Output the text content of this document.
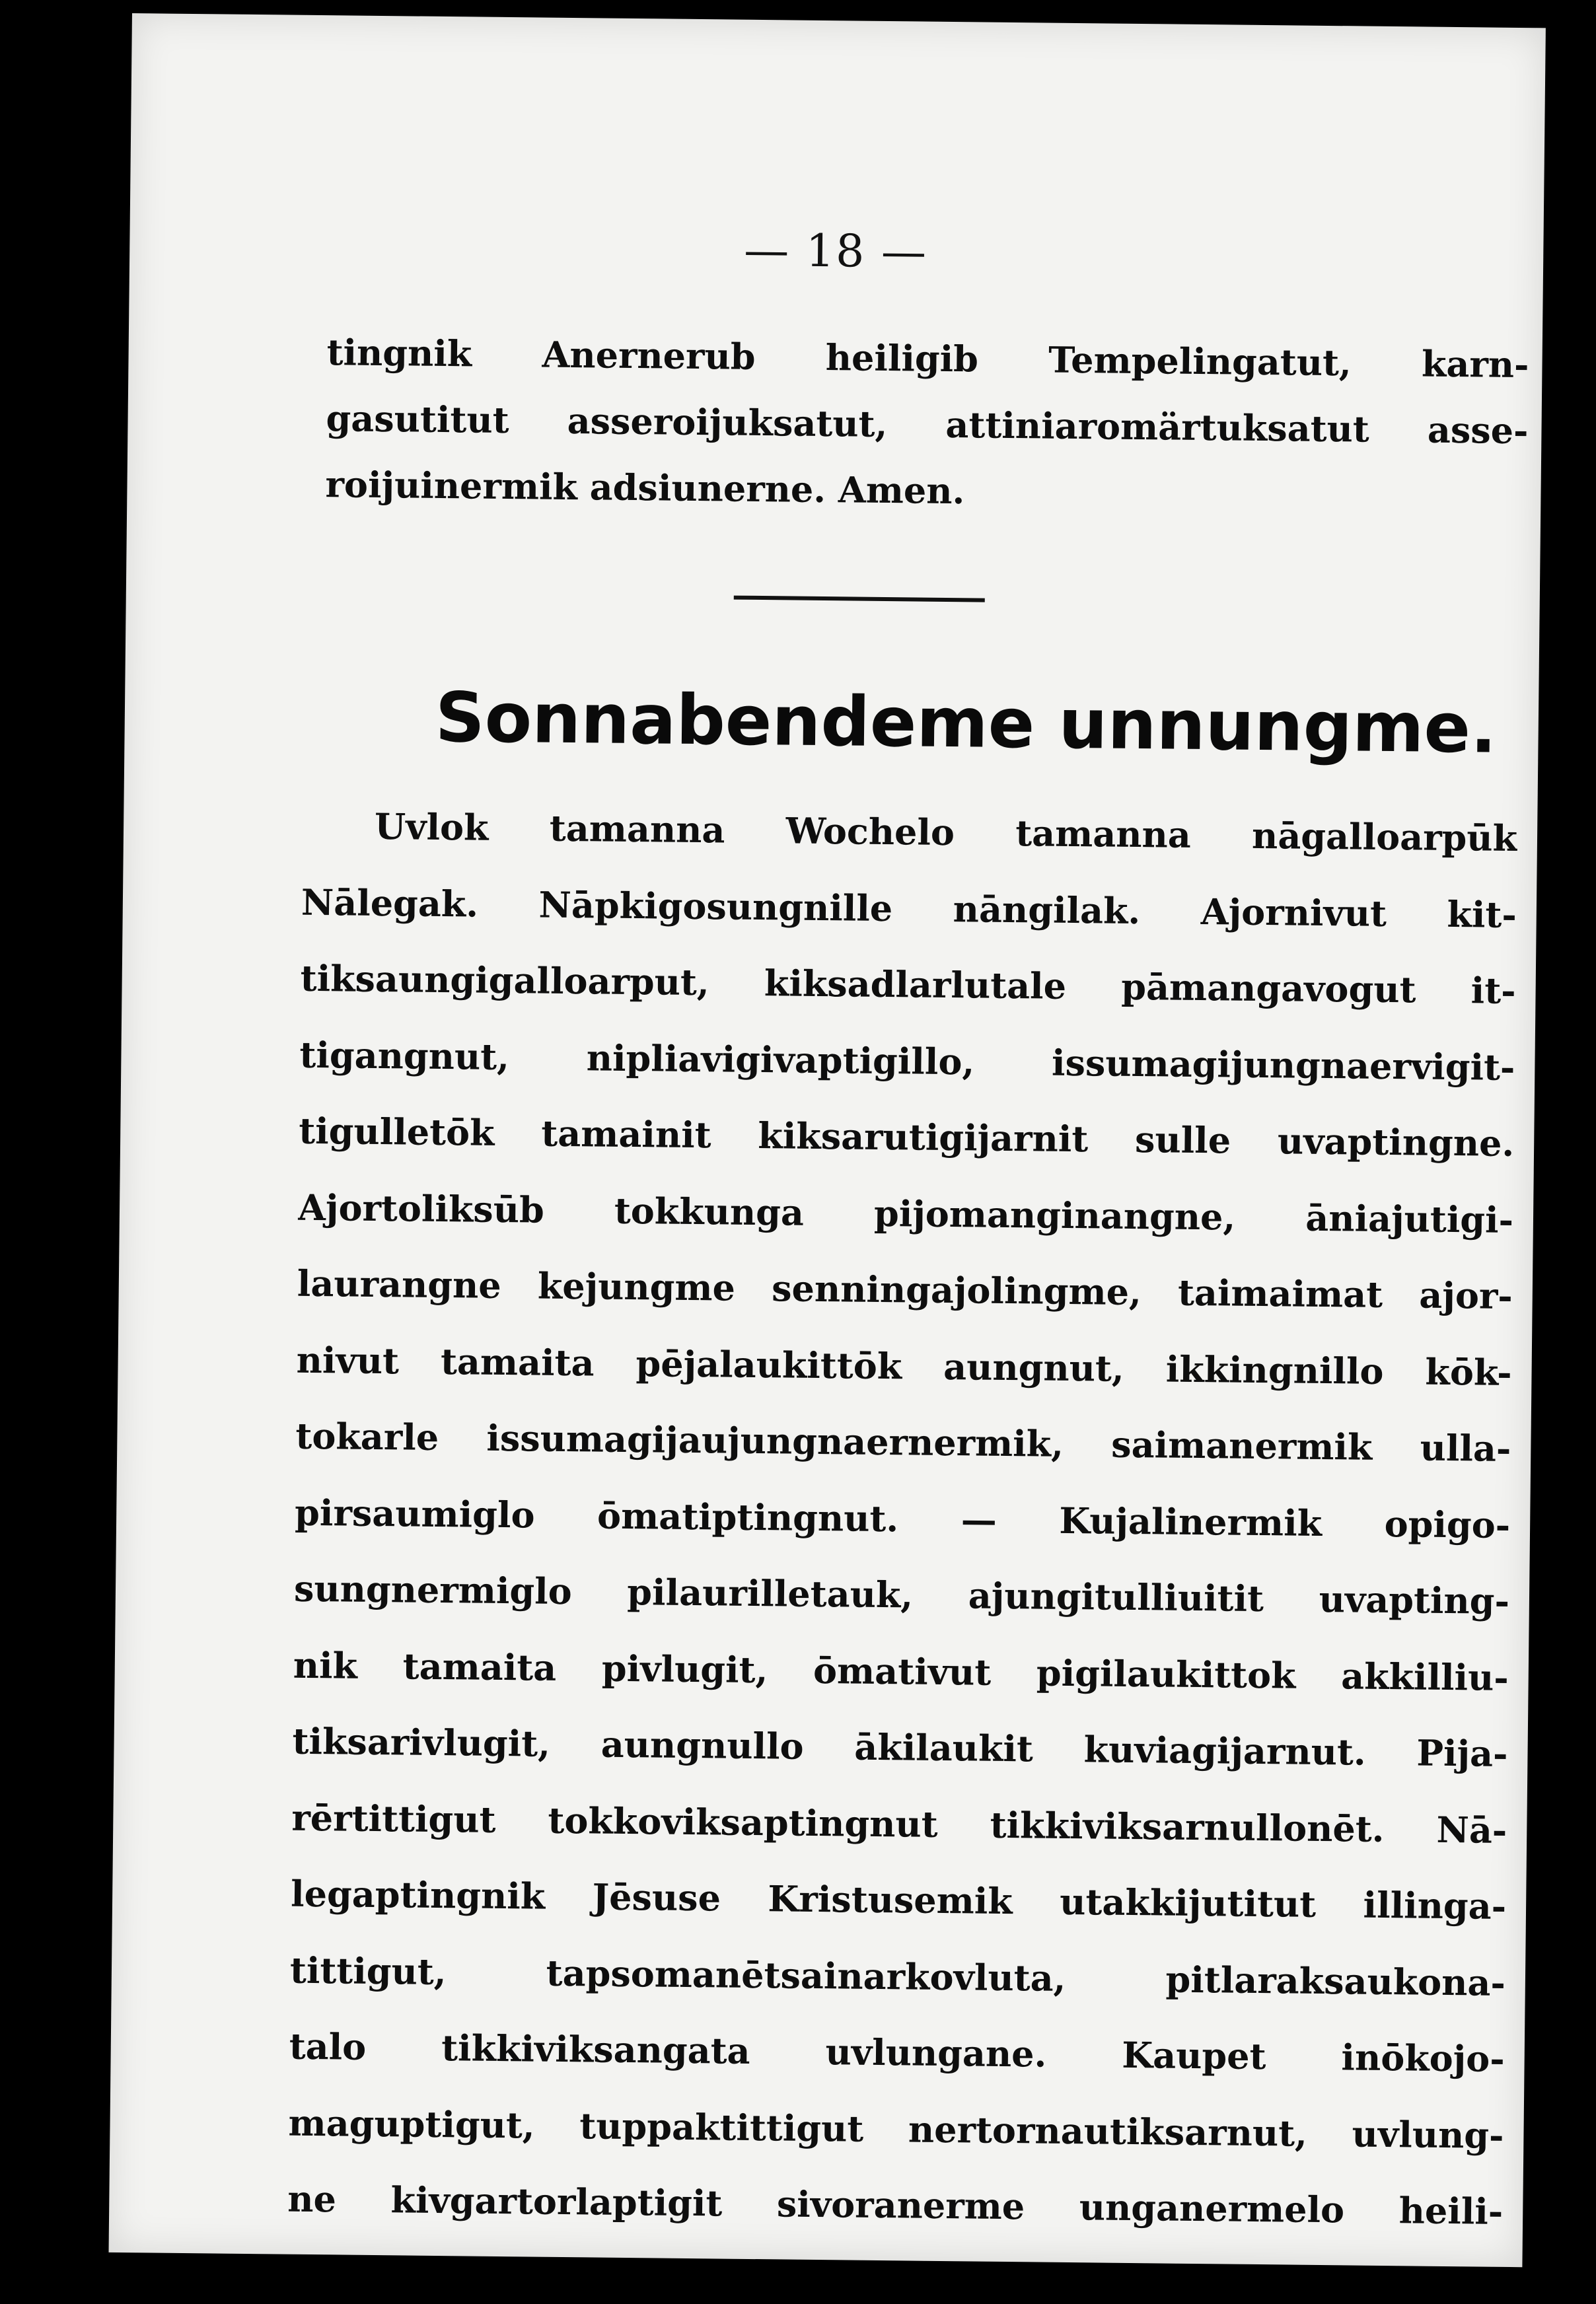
— 18 —
tingnik Anernerub heiligib Tempelingatut, karn-
gasutitut asseroijuksatut, attiniaromärtuksatut asse-
roijuinermik adsiunerne. Amen.
Sonnabendeme unnungme.
Uvlok tamanna Wochelo tamanna nāgalloarpūk
Nālegak. Nāpkigosungnille nāngilak. Ajornivut kit-
tiksaungigalloarput, kiksadlarlutale pāmangavogut it-
tigangnut, nipliavigivaptigillo, issumagijungnaervigit-
tigulletōk tamainit kiksarutigijarnit sulle uvaptingne.
Ajortoliksūb tokkunga pijomanginangne, āniajutigi-
laurangne kejungme senningajolingme, taimaimat ajor-
nivut tamaita pējalaukittōk aungnut, ikkingnillo kōk-
tokarle issumagijaujungnaernermik, saimanermik ulla-
pirsaumiglo ōmatiptingnut. — Kujalinermik opigo-
sungnermiglo pilaurilletauk, ajungitulliuitit uvapting-
nik tamaita pivlugit, ōmativut pigilaukittok akkilliu-
tiksarivlugit, aungnullo ākilaukit kuviagijarnut. Pija-
rērtittigut tokkoviksaptingnut tikkiviksarnullonēt. Nā-
legaptingnik Jēsuse Kristusemik utakkijutitut illinga-
tittigut, tapsomanētsainarkovluta, pitlaraksaukona-
talo tikkiviksangata uvlungane. Kaupet inōkojo-
maguptigut, tuppaktittigut nertornautiksarnut, uvlung-
ne kivgartorlaptigit sivoranerme unganermelo heili-
